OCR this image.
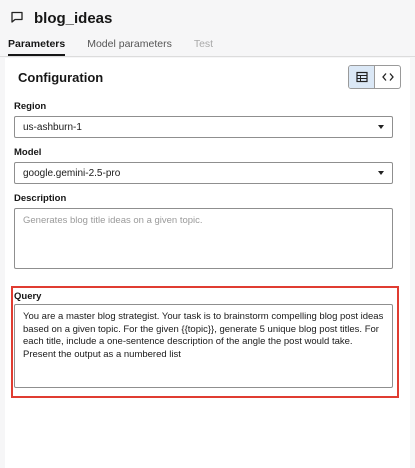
blog_ideas
Parameters Model parameters Test
Configuration
Region
us-ashburn-1
Model
google.gemini-2.5-pro
Description
Generates blog title ideas on a given topic.
Query
You are a master blog strategist. Your task is to brainstorm compelling blog post ideas based on a given topic. For the given {{topic}}, generate 5 unique blog post titles. For each title, include a one-sentence description of the angle the post would take. Present the output as a numbered list
